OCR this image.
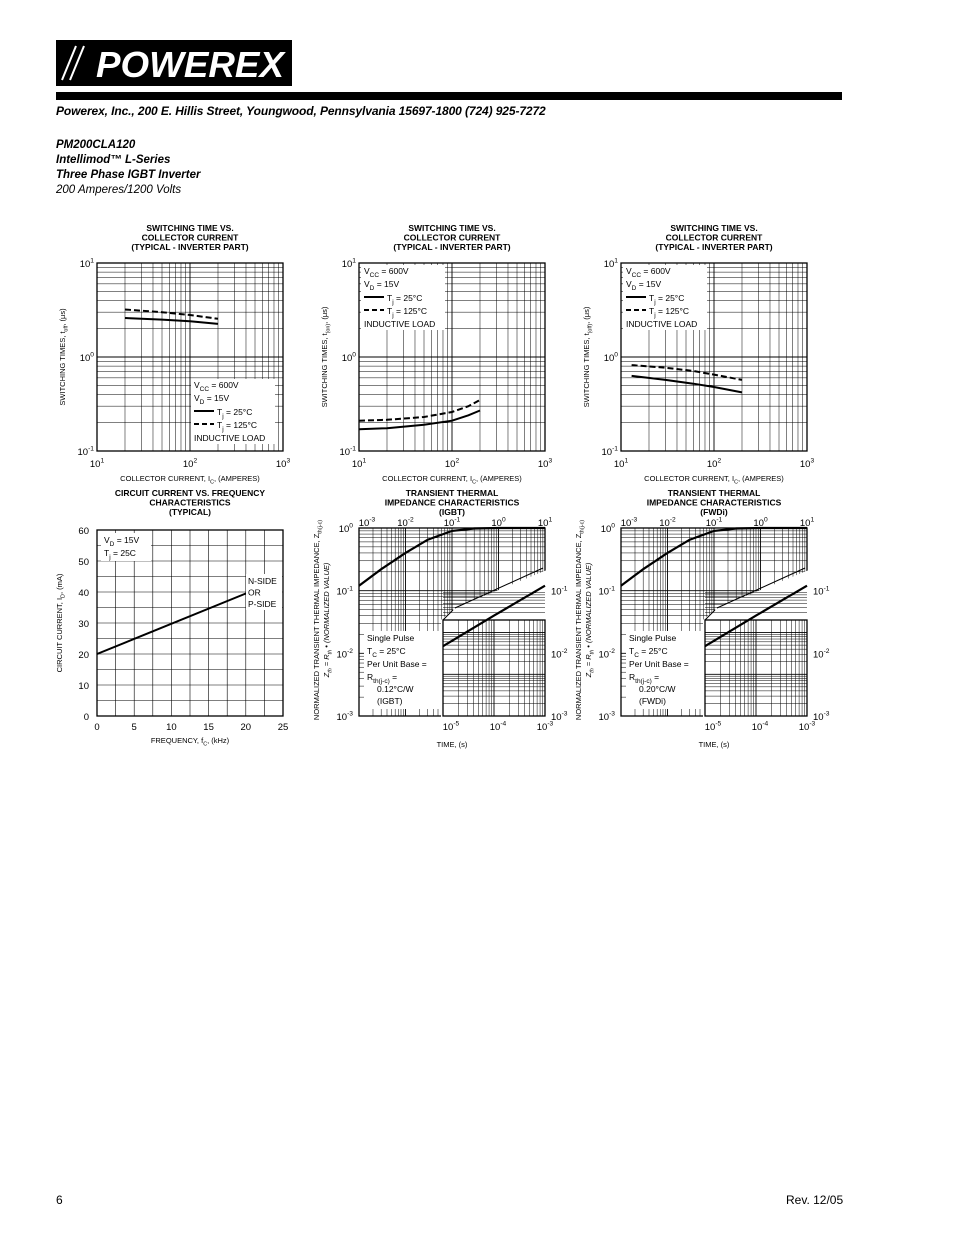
POWEREX
Powerex, Inc., 200 E. Hillis Street, Youngwood, Pennsylvania 15697-1800 (724) 925-7272
PM200CLA120
Intellimod™ L-Series
Three Phase IGBT Inverter
200 Amperes/1200 Volts
$10^1$	$10^2$	$10^3$
$10^{-1}$
$10^0$
$10^1$
COLLECTOR CURRENT, $I_C$, (AMPERES)
SWITCHING TIMES, $t_{off}$, (μs)
$V_{CC} = 600V$
$V_D = 15V$
$T_j = 25^\circ C$
$T_j = 125^\circ C$
INDUCTIVE LOAD
SWITCHING TIME VS.
COLLECTOR CURRENT
(TYPICAL - INVERTER PART)
$10^1$	$10^2$	$10^3$
$10^{-1}$
$10^0$
$10^1$
COLLECTOR CURRENT, $I_C$, (AMPERES)
SWITCHING TIMES, $t_{(on)}$, (μs)
$V_{CC} = 600V$
$V_D = 15V$
$T_j = 25^\circ C$
$T_j = 125^\circ C$
INDUCTIVE LOAD
SWITCHING TIME VS.
COLLECTOR CURRENT
(TYPICAL - INVERTER PART)
$10^1$	$10^2$	$10^3$
$10^{-1}$
$10^0$
$10^1$
COLLECTOR CURRENT, $I_C$, (AMPERES)
SWITCHING TIMES, $t_{(off)}$, (μs)
$V_{CC} = 600V$
$V_D = 15V$
$T_j = 25^\circ C$
$T_j = 125^\circ C$
INDUCTIVE LOAD
SWITCHING TIME VS.
COLLECTOR CURRENT
(TYPICAL - INVERTER PART)
0	5	10	15	20	25
0
10
20
30
40
50
60
FREQUENCY, $f_C$, (kHz)
CIRCUIT CURRENT, $I_D$, (mA)
$V_D = 15V$
$T_j = 25C$
N-SIDE
OR
P-SIDE
CIRCUIT CURRENT VS. FREQUENCY
CHARACTERISTICS
(TYPICAL)
$10^{-3}$ $10^{-2}$	$10^{-1}$	$10^0$	$10^1$
$10^{-5}$	$10^{-4}$	$10^{-3}$
$10^{-3}$
$10^{-2}$
$10^{-1}$
$10^0$
$10^{-3}$
$10^{-2}$
$10^{-1}$
TIME, (s)
NORMALIZED TRANSIENT THERMAL IMPEDANCE, $Z_{th(j-c)}$
$Z_{th} = R_{th}$ • (NORMALIZED VALUE)	Single Pulse
$T_C = 25^\circ C$
Per Unit Base =
$R_{th(j-c)}$ =
0.12°C/W
(IGBT)
TRANSIENT THERMAL
IMPEDANCE CHARACTERISTICS
(IGBT)
$10^{-3}$ $10^{-2}$	$10^{-1}$	$10^0$	$10^1$
$10^{-5}$	$10^{-4}$	$10^{-3}$
$10^{-3}$
$10^{-2}$
$10^{-1}$
$10^0$
$10^{-3}$
$10^{-2}$
$10^{-1}$
TIME, (s)
NORMALIZED TRANSIENT THERMAL IMPEDANCE, $Z_{th(j-c)}$
$Z_{th} = R_{th}$ • (NORMALIZED VALUE)	Single Pulse
$T_C = 25^\circ C$
Per Unit Base =
$R_{th(j-c)}$ =
0.20°C/W
(FWDi)
TRANSIENT THERMAL
IMPEDANCE CHARACTERISTICS
(FWDi)
6	Rev. 12/05
